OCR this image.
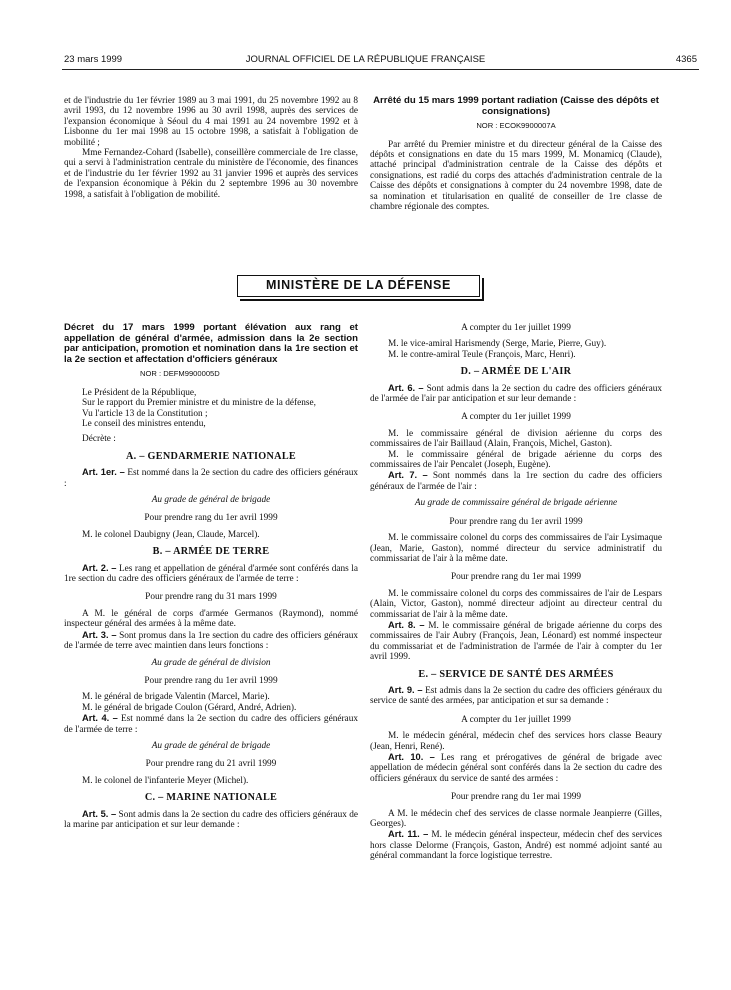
23 mars 1999	JOURNAL OFFICIEL DE LA RÉPUBLIQUE FRANÇAISE	4365

et de l'industrie du 1er février 1989 au 3 mai 1991, du 25 novembre 1992 au 8 avril 1993, du 12 novembre 1996 au 30 avril 1998, auprès des services de l'expansion économique à Séoul du 4 mai 1991 au 24 novembre 1992 et à Lisbonne du 1er mai 1998 au 15 octobre 1998, a satisfait à l'obligation de mobilité ;

Mme Fernandez-Cohard (Isabelle), conseillère commerciale de 1re classe, qui a servi à l'administration centrale du ministère de l'économie, des finances et de l'industrie du 1er février 1992 au 31 janvier 1996 et auprès des services de l'expansion économique à Pékin du 2 septembre 1996 au 30 novembre 1998, a satisfait à l'obligation de mobilité.

Arrêté du 15 mars 1999 portant radiation (Caisse des dépôts et consignations)

NOR : ECOK9900007A

Par arrêté du Premier ministre et du directeur général de la Caisse des dépôts et consignations en date du 15 mars 1999, M. Monamicq (Claude), attaché principal d'administration centrale de la Caisse des dépôts et consignations, est radié du corps des attachés d'administration centrale de la Caisse des dépôts et consignations à compter du 24 novembre 1998, date de sa nomination et titularisation en qualité de conseiller de 1re classe de chambre régionale des comptes.

MINISTÈRE DE LA DÉFENSE

Décret du 17 mars 1999 portant élévation aux rang et appellation de général d'armée, admission dans la 2e section par anticipation, promotion et nomination dans la 1re section et la 2e section et affectation d'officiers généraux

NOR : DEFM9900005D

Le Président de la République,

Sur le rapport du Premier ministre et du ministre de la défense,

Vu l'article 13 de la Constitution ;

Le conseil des ministres entendu,

Décrète :

A. – GENDARMERIE NATIONALE

Art. 1er. – Est nommé dans la 2e section du cadre des officiers généraux :

Au grade de général de brigade

Pour prendre rang du 1er avril 1999

M. le colonel Daubigny (Jean, Claude, Marcel).

B. – ARMÉE DE TERRE

Art. 2. – Les rang et appellation de général d'armée sont conférés dans la 1re section du cadre des officiers généraux de l'armée de terre :

Pour prendre rang du 31 mars 1999

A M. le général de corps d'armée Germanos (Raymond), nommé inspecteur général des armées à la même date.

Art. 3. – Sont promus dans la 1re section du cadre des officiers généraux de l'armée de terre avec maintien dans leurs fonctions :

Au grade de général de division

Pour prendre rang du 1er avril 1999

M. le général de brigade Valentin (Marcel, Marie).

M. le général de brigade Coulon (Gérard, André, Adrien).

Art. 4. – Est nommé dans la 2e section du cadre des officiers généraux de l'armée de terre :

Au grade de général de brigade

Pour prendre rang du 21 avril 1999

M. le colonel de l'infanterie Meyer (Michel).

C. – MARINE NATIONALE

Art. 5. – Sont admis dans la 2e section du cadre des officiers généraux de la marine par anticipation et sur leur demande :

A compter du 1er juillet 1999

M. le vice-amiral Harismendy (Serge, Marie, Pierre, Guy).

M. le contre-amiral Teule (François, Marc, Henri).

D. – ARMÉE DE L'AIR

Art. 6. – Sont admis dans la 2e section du cadre des officiers généraux de l'armée de l'air par anticipation et sur leur demande :

A compter du 1er juillet 1999

M. le commissaire général de division aérienne du corps des commissaires de l'air Baillaud (Alain, François, Michel, Gaston).

M. le commissaire général de brigade aérienne du corps des commissaires de l'air Pencalet (Joseph, Eugène).

Art. 7. – Sont nommés dans la 1re section du cadre des officiers généraux de l'armée de l'air :

Au grade de commissaire général de brigade aérienne

Pour prendre rang du 1er avril 1999

M. le commissaire colonel du corps des commissaires de l'air Lysimaque (Jean, Marie, Gaston), nommé directeur du service administratif du commissariat de l'air à la même date.

Pour prendre rang du 1er mai 1999

M. le commissaire colonel du corps des commissaires de l'air de Lespars (Alain, Victor, Gaston), nommé directeur adjoint au directeur central du commissariat de l'air à la même date.

Art. 8. – M. le commissaire général de brigade aérienne du corps des commissaires de l'air Aubry (François, Jean, Léonard) est nommé inspecteur du commissariat et de l'administration de l'armée de l'air à compter du 1er avril 1999.

E. – SERVICE DE SANTÉ DES ARMÉES

Art. 9. – Est admis dans la 2e section du cadre des officiers généraux du service de santé des armées, par anticipation et sur sa demande :

A compter du 1er juillet 1999

M. le médecin général, médecin chef des services hors classe Beaury (Jean, Henri, René).

Art. 10. – Les rang et prérogatives de général de brigade avec appellation de médecin général sont conférés dans la 2e section du cadre des officiers généraux du service de santé des armées :

Pour prendre rang du 1er mai 1999

A M. le médecin chef des services de classe normale Jeanpierre (Gilles, Georges).

Art. 11. – M. le médecin général inspecteur, médecin chef des services hors classe Delorme (François, Gaston, André) est nommé adjoint santé au général commandant la force logistique terrestre.
